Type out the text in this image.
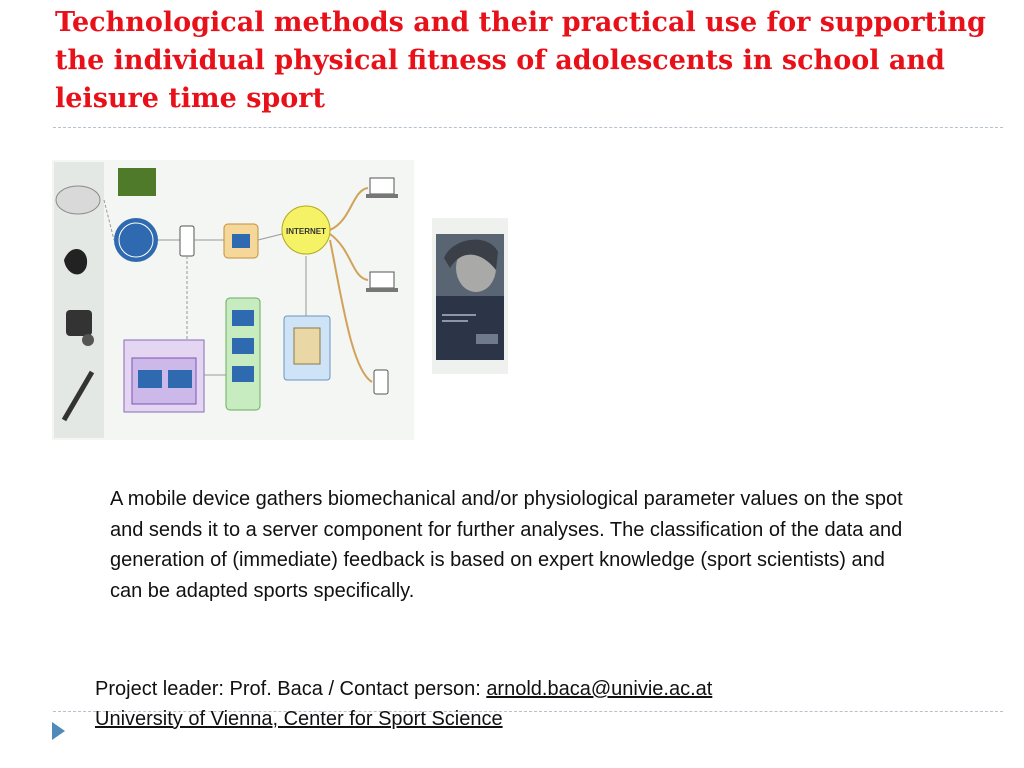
Technological methods and their practical use for supporting the individual physical fitness of adolescents in school and leisure time sport
INTERNET

A mobile device gathers biomechanical and/or physiological parameter values on the spot and sends it to a server component for further analyses. The classification of the data and generation of (immediate) feedback is based on expert knowledge (sport scientists) and can be adapted sports specifically.

Project leader: Prof. Baca / Contact person: arnold.baca@univie.ac.at

University of Vienna, Center for Sport Science
